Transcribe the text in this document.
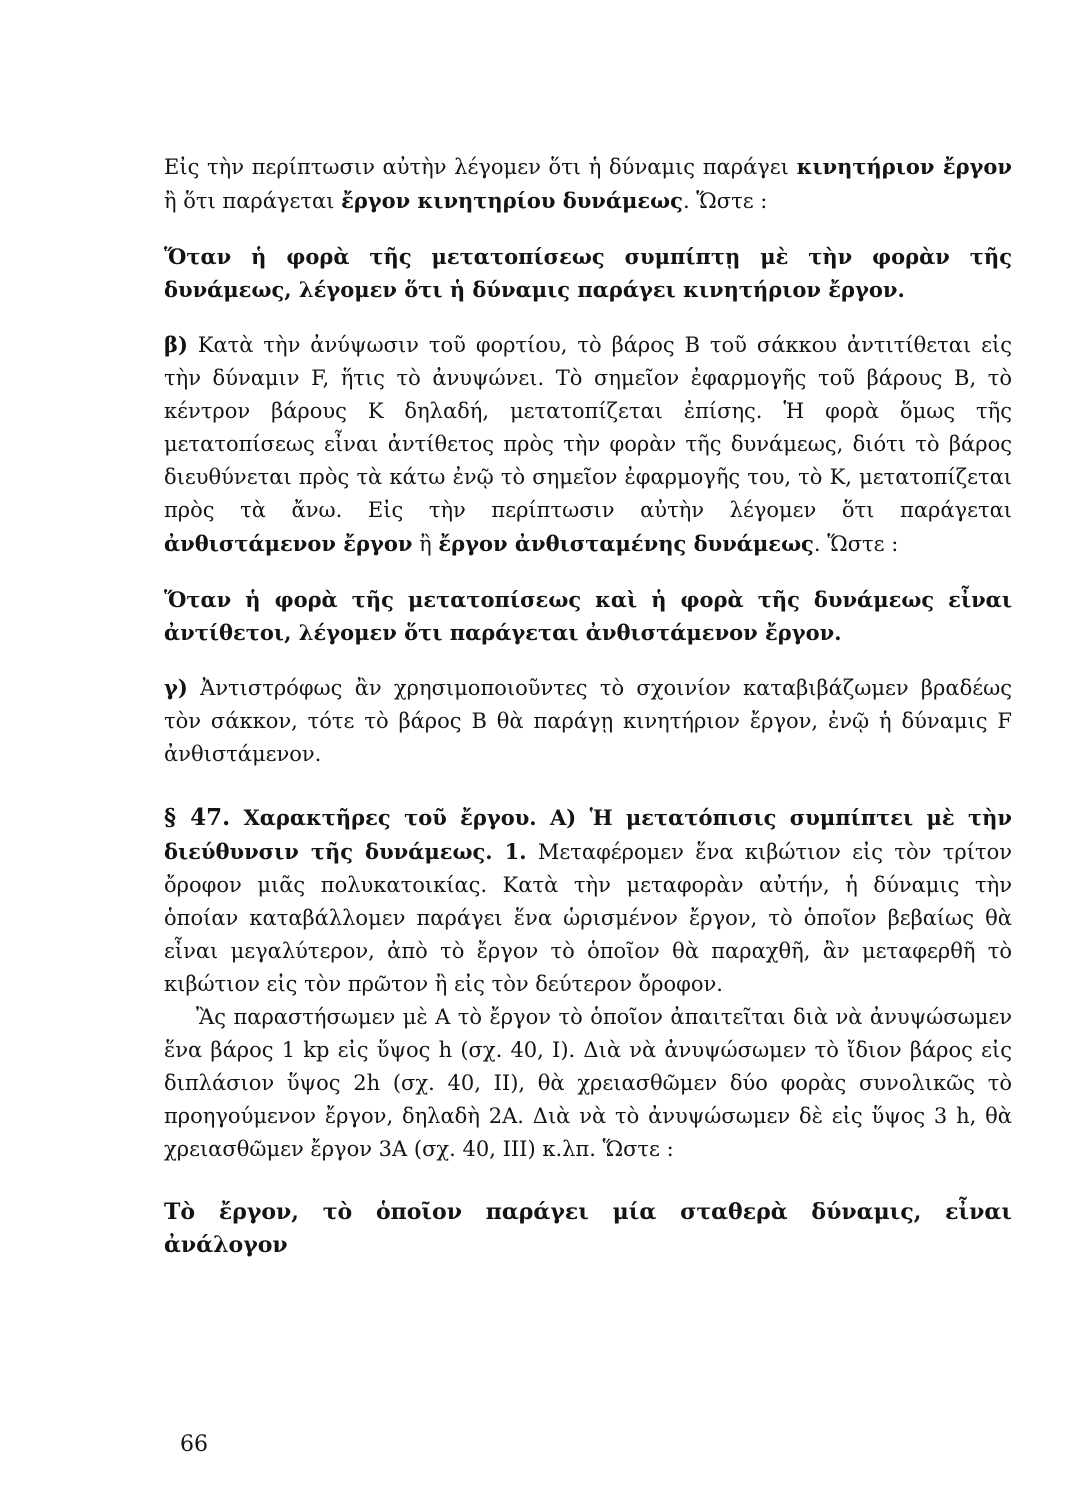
Εἰς τὴν περίπτωσιν αὐτὴν λέγομεν ὅτι ἡ δύναμις παράγει κινητήριον ἔργον ἢ ὅτι παράγεται ἔργον κινητηρίου δυνάμεως. Ὥστε :

Ὅταν ἡ φορὰ τῆς μετατοπίσεως συμπίπτῃ μὲ τὴν φορὰν τῆς δυνάμεως, λέγομεν ὅτι ἡ δύναμις παράγει κινητήριον ἔργον.

β) Κατὰ τὴν ἀνύψωσιν τοῦ φορτίου, τὸ βάρος Β τοῦ σάκκου ἀντιτίθεται εἰς τὴν δύναμιν F, ἥτις τὸ ἀνυψώνει. Τὸ σημεῖον ἐφαρμογῆς τοῦ βάρους Β, τὸ κέντρον βάρους Κ δηλαδή, μετατοπίζεται ἐπίσης. Ἡ φορὰ ὅμως τῆς μετατοπίσεως εἶναι ἀντίθετος πρὸς τὴν φορὰν τῆς δυνάμεως, διότι τὸ βάρος διευθύνεται πρὸς τὰ κάτω ἐνῷ τὸ σημεῖον ἐφαρμογῆς του, τὸ Κ, μετατοπίζεται πρὸς τὰ ἄνω. Εἰς τὴν περίπτωσιν αὐτὴν λέγομεν ὅτι παράγεται ἀνθιστάμενον ἔργον ἢ ἔργον ἀνθισταμένης δυνάμεως. Ὥστε :

Ὅταν ἡ φορὰ τῆς μετατοπίσεως καὶ ἡ φορὰ τῆς δυνάμεως εἶναι ἀντίθετοι, λέγομεν ὅτι παράγεται ἀνθιστάμενον ἔργον.

γ) Ἀντιστρόφως ἂν χρησιμοποιοῦντες τὸ σχοινίον καταβιβάζωμεν βραδέως τὸν σάκκον, τότε τὸ βάρος Β θὰ παράγῃ κινητήριον ἔργον, ἐνῷ ἡ δύναμις F ἀνθιστάμενον.

§ 47. Χαρακτῆρες τοῦ ἔργου. Α) Ἡ μετατόπισις συμπίπτει μὲ τὴν διεύθυνσιν τῆς δυνάμεως. 1. Μεταφέρομεν ἕνα κιβώτιον εἰς τὸν τρίτον ὄροφον μιᾶς πολυκατοικίας. Κατὰ τὴν μεταφορὰν αὐτήν, ἡ δύναμις τὴν ὁποίαν καταβάλλομεν παράγει ἕνα ὡρισμένον ἔργον, τὸ ὁποῖον βεβαίως θὰ εἶναι μεγαλύτερον, ἀπὸ τὸ ἔργον τὸ ὁποῖον θὰ παραχθῆ, ἂν μεταφερθῆ τὸ κιβώτιον εἰς τὸν πρῶτον ἢ εἰς τὸν δεύτερον ὄροφον.

Ἂς παραστήσωμεν μὲ Α τὸ ἔργον τὸ ὁποῖον ἀπαιτεῖται διὰ νὰ ἀνυψώσωμεν ἕνα βάρος 1 kp εἰς ὕψος h (σχ. 40, Ι). Διὰ νὰ ἀνυψώσωμεν τὸ ἴδιον βάρος εἰς διπλάσιον ὕψος 2h (σχ. 40, ΙΙ), θὰ χρειασθῶμεν δύο φορὰς συνολικῶς τὸ προηγούμενον ἔργον, δηλαδὴ 2Α. Διὰ νὰ τὸ ἀνυψώσωμεν δὲ εἰς ὕψος 3 h, θὰ χρειασθῶμεν ἔργον 3Α (σχ. 40, ΙΙΙ) κ.λπ. Ὥστε :

Τὸ ἔργον, τὸ ὁποῖον παράγει μία σταθερὰ δύναμις, εἶναι ἀνάλογον

66
